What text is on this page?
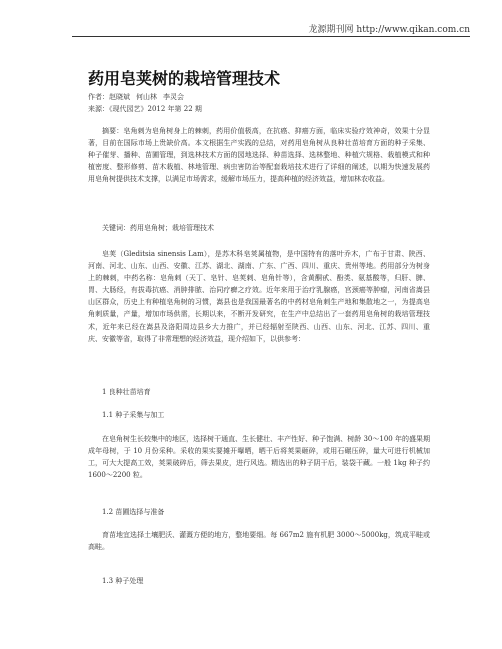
龙源期刊网 http://www.qikan.com.cn
药用皂荚树的栽培管理技术
作者：赵晓斌 何山林 李灵会
来源：《现代园艺》2012 年第 22 期

摘要：皂角刺为皂角树身上的棘刺，药用价值极高，在抗癌、抑癌方面，临床实验疗效神奇，效果十分显著，目前在国际市场上贵缺价高。本文根据生产实践的总结，对药用皂角树从良种壮苗培育方面的种子采集、种子催芽、播种、苗圃管理，到选林技术方面的园地选择、种苗选择、选林整地、种植穴规格、栽植模式和种植密度、整形修剪、苗木栽植、林地管理、病虫害防治等配套栽培技术进行了详细的阐述，以期为快速发展药用皂角树提供技术支撑，以满足市场需求，缓解市场压力，提高种植的经济效益，增加林农收益。

关键词：药用皂角树；栽培管理技术

皂荚（Gleditsia sinensis Lam），是苏木科皂荚属植物，是中国特有的落叶乔木，广布于甘肃、陕西、河南、河北、山东、山西、安徽、江苏、湖北、湖南、广东、广西、四川、重庆、贵州等地。药用部分为树身上的棘刺，中药名称：皂角刺（天丁、皂针、皂荚刺、皂角针等），含黄酮甙、酚类、氨基酸等，归肝、脾、胃、大肠经，有拔毒抗癌、消肿排脓、治同疗癣之疗效。近年来用于治疗乳腺癌，宫颈癌等肿瘤，河南省嵩县山区群众，历史上有种植皂角树的习惯，嵩县也是我国最著名的中药材皂角刺生产地和集散地之一，为提高皂角刺质量，产量，增加市场供需，长期以来，不断开发研究，在生产中总结出了一套药用皂角树的栽培管理技术，近年来已经在嵩县及洛阳周边县乡大力推广，并已经辐射至陕西、山西、山东、河北、江苏、四川、重庆、安徽等省，取得了非常理想的经济效益，现介绍如下，以供参考：

1 良种壮苗培育
1.1 种子采集与加工

在皂角树生长较集中的地区，选择树干通直、生长健壮、丰产性好、种子饱满、树龄 30～100 年的盛果期成年母树，于 10 月份采种。采收的果实要摊开曝晒，晒干后将荚果砸碎，或用石碾压碎，量大可进行机械加工，可大大提高工效，荚果破碎后，筛去果皮，进行风选。精选出的种子阴干后，装袋干藏。一般 1kg 种子约 1600～2200 粒。

1.2 苗圃选择与准备

育苗地宜选择土壤肥沃、灌溉方便的地方，整地要细。每 667m2 施有机肥 3000～5000kg，筑成平畦或高畦。

1.3 种子处理
